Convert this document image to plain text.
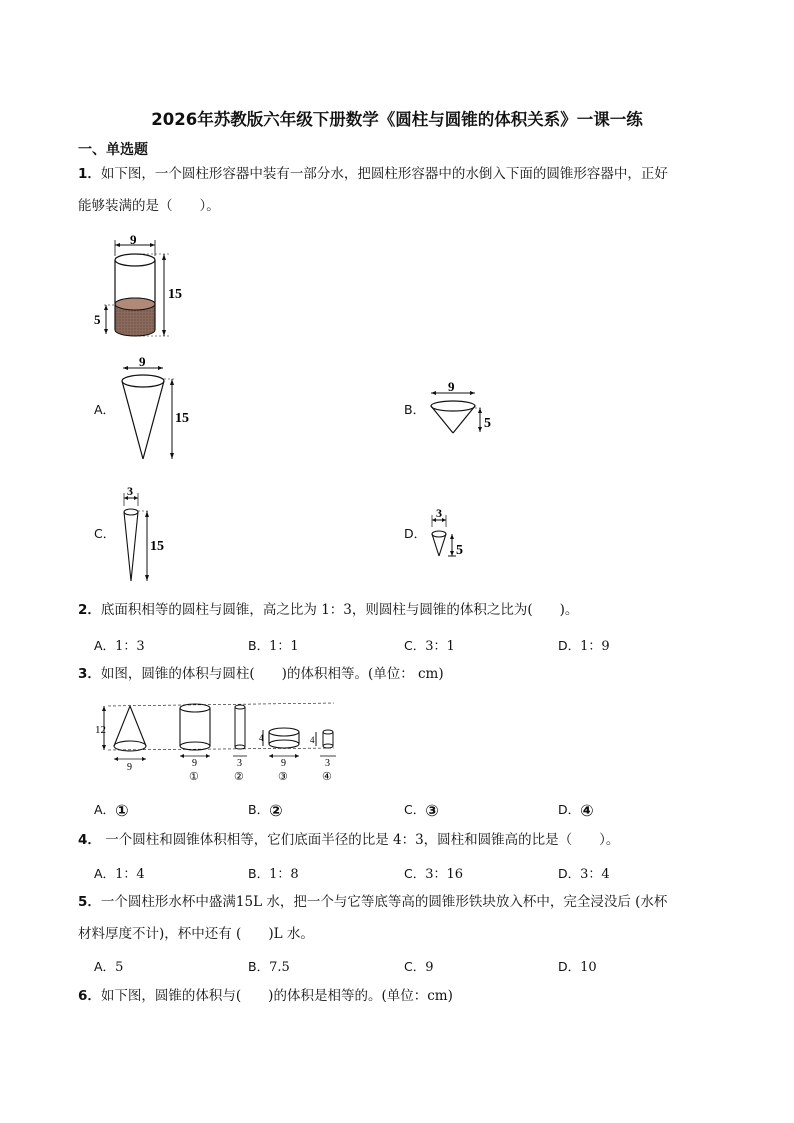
2026年苏教版六年级下册数学《圆柱与圆锥的体积关系》一课一练
一、单选题
1．如下图，一个圆柱形容器中装有一部分水，把圆柱形容器中的水倒入下面的圆锥形容器中，正好
能够装满的是（　　）。
9
15
5
A．
9
15
B．
9
5
C．
3
15
D．
3
5
2．底面积相等的圆柱与圆锥，高之比为 1：3，则圆柱与圆锥的体积之比为(　　)。
A．1：3	B．1：1	C．3：1	D．1：9
3．如图，圆锥的体积与圆柱(　　)的体积相等。(单位： cm)
12
9	9
①
3
②
4
9
③
4
3
④
A．①	B．②	C．③	D．④
4． 一个圆柱和圆锥体积相等，它们底面半径的比是 4：3，圆柱和圆锥高的比是（　　）。
A．1：4	B．1：8	C．3：16	D．3：4
5．一个圆柱形水杯中盛满15L 水，把一个与它等底等高的圆锥形铁块放入杯中，完全浸没后 (水杯
材料厚度不计)，杯中还有 (　　)L 水。
A．5	B．7.5	C．9	D．10
6．如下图，圆锥的体积与(　　)的体积是相等的。(单位：cm)
